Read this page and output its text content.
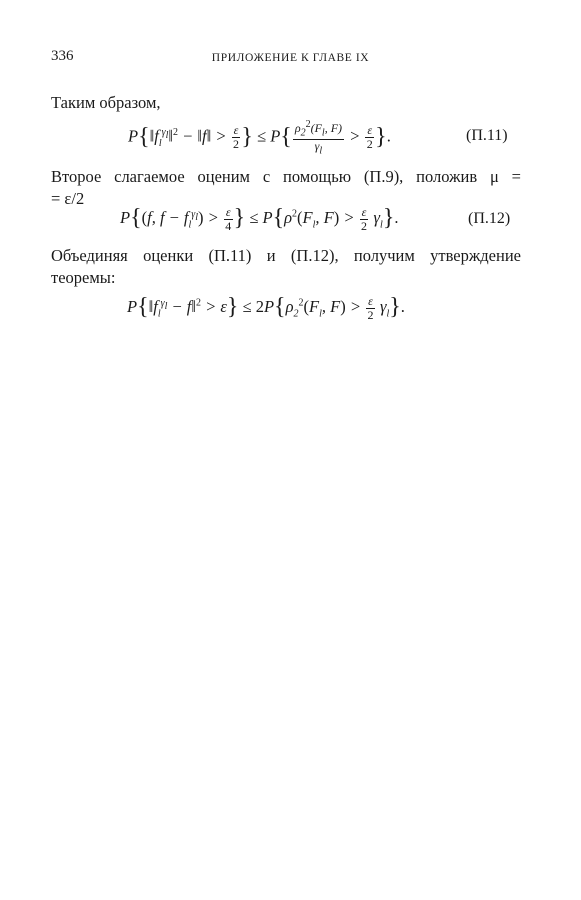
336	ПРИЛОЖЕНИЕ К ГЛАВЕ IX
Таким образом,
$P\{‖f_l^{\gamma_l}‖^2$ − ‖f‖ > $\frac{\varepsilon}{2}$ } ≤ $P\{ \frac{\rho_2^2(F_l, F)}{\gamma_l} > \frac{\varepsilon}{2}$ }.	(П.11)
Второе слагаемое оценим с помощью (П.9), положив μ =
= ε/2
P{(f, $f - f_l^{\gamma_l}) > \frac{\varepsilon}{4}$ } ≤ $P\{\rho^2(F_l$, $F) > \frac{\varepsilon}{2} \gamma_l$}.	(П.12)
Объединяя оценки (П.11) и (П.12), получим утверждение
теоремы:
$P\{‖f_l^{\gamma_l}$ − f‖$^2$ > $\varepsilon\} \le 2P\{\rho_2^2(F_l$, $F) > \frac{\varepsilon}{2} \gamma_l$}.
